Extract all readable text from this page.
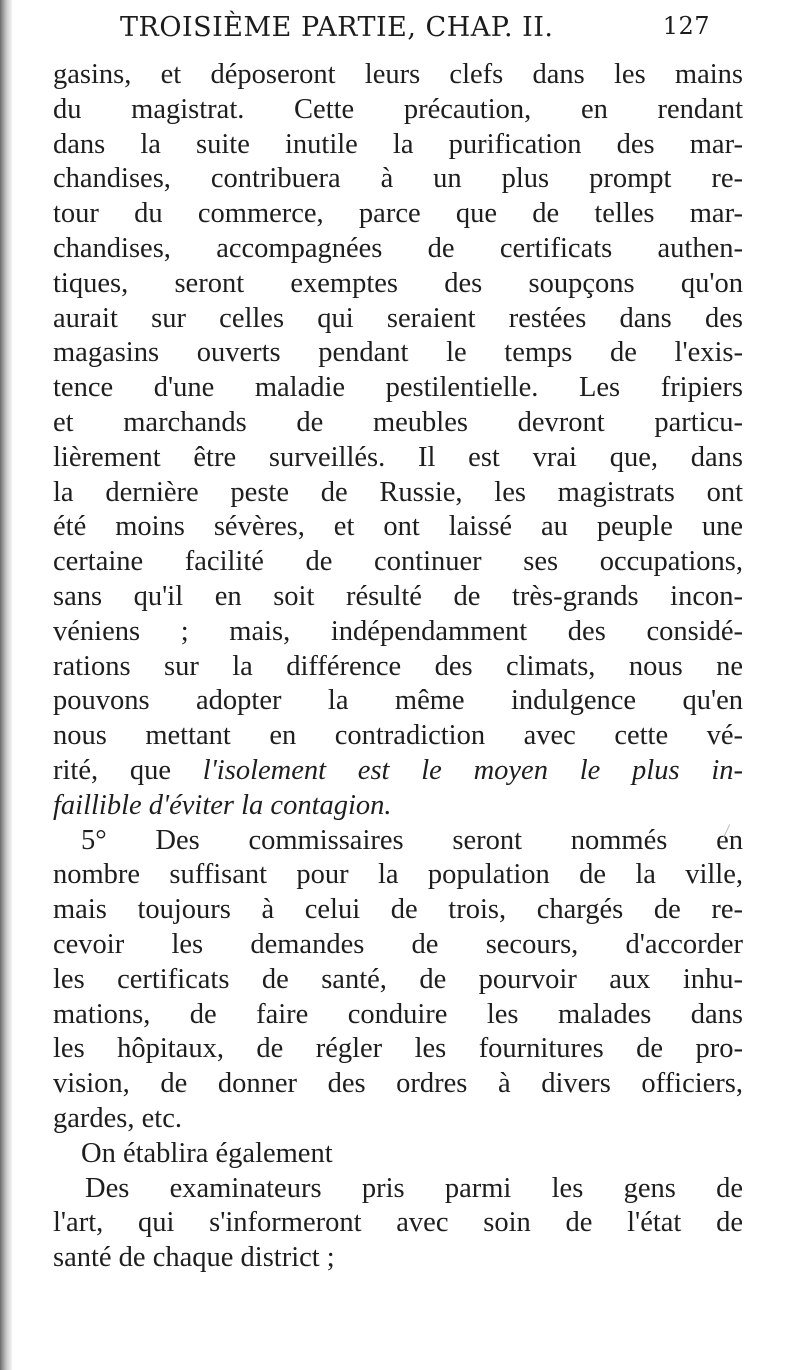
TROISIÈME PARTIE, CHAP. II.	127
gasins, et déposeront leurs clefs dans les mains
du magistrat. Cette précaution, en rendant
dans la suite inutile la purification des mar-
chandises, contribuera à un plus prompt re-
tour du commerce, parce que de telles mar-
chandises, accompagnées de certificats authen-
tiques, seront exemptes des soupçons qu'on
aurait sur celles qui seraient restées dans des
magasins ouverts pendant le temps de l'exis-
tence d'une maladie pestilentielle. Les fripiers
et marchands de meubles devront particu-
lièrement être surveillés. Il est vrai que, dans
la dernière peste de Russie, les magistrats ont
été moins sévères, et ont laissé au peuple une
certaine facilité de continuer ses occupations,
sans qu'il en soit résulté de très-grands incon-
véniens ; mais, indépendamment des considé-
rations sur la différence des climats, nous ne
pouvons adopter la même indulgence qu'en
nous mettant en contradiction avec cette vé-
rité, que l'isolement est le moyen le plus in-
faillible d'éviter la contagion.
5° Des commissaires seront nommés en
nombre suffisant pour la population de la ville,
mais toujours à celui de trois, chargés de re-
cevoir les demandes de secours, d'accorder
les certificats de santé, de pourvoir aux inhu-
mations, de faire conduire les malades dans
les hôpitaux, de régler les fournitures de pro-
vision, de donner des ordres à divers officiers,
gardes, etc.
On établira également
Des examinateurs pris parmi les gens de
l'art, qui s'informeront avec soin de l'état de
santé de chaque district ;
